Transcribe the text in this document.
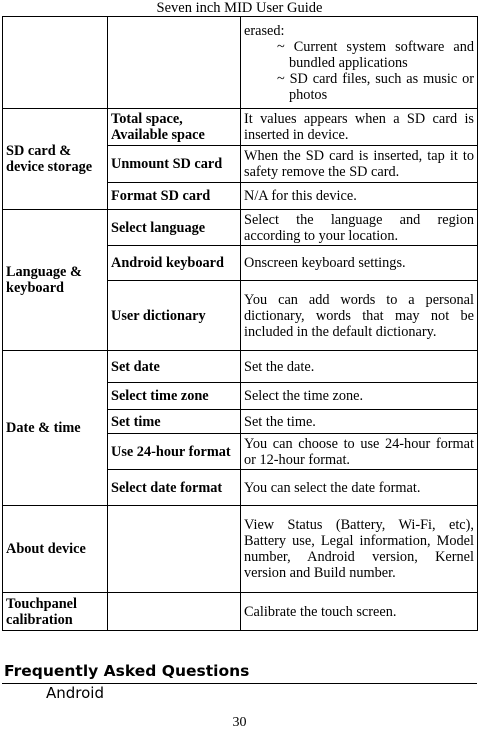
Seven inch MID User Guide

		erased:
~ Current system software and bundled applications
~ SD card files, such as music or photos

SD card & device storage	Total space, Available space	It values appears when a SD card is inserted in device.
	Unmount SD card	When the SD card is inserted, tap it to safety remove the SD card.
	Format SD card	N/A for this device.
Language & keyboard	Select language	Select the language and region according to your location.
	Android keyboard	Onscreen keyboard settings.
	User dictionary	You can add words to a personal dictionary, words that may not be included in the default dictionary.
Date & time	Set date	Set the date.
	Select time zone	Select the time zone.
	Set time	Set the time.
	Use 24-hour format	You can choose to use 24-hour format or 12-hour format.
	Select date format	You can select the date format.
About device		View Status (Battery, Wi-Fi, etc), Battery use, Legal information, Model number, Android version, Kernel version and Build number.
Touchpanel calibration		Calibrate the touch screen.
Frequently Asked Questions
Android
30
